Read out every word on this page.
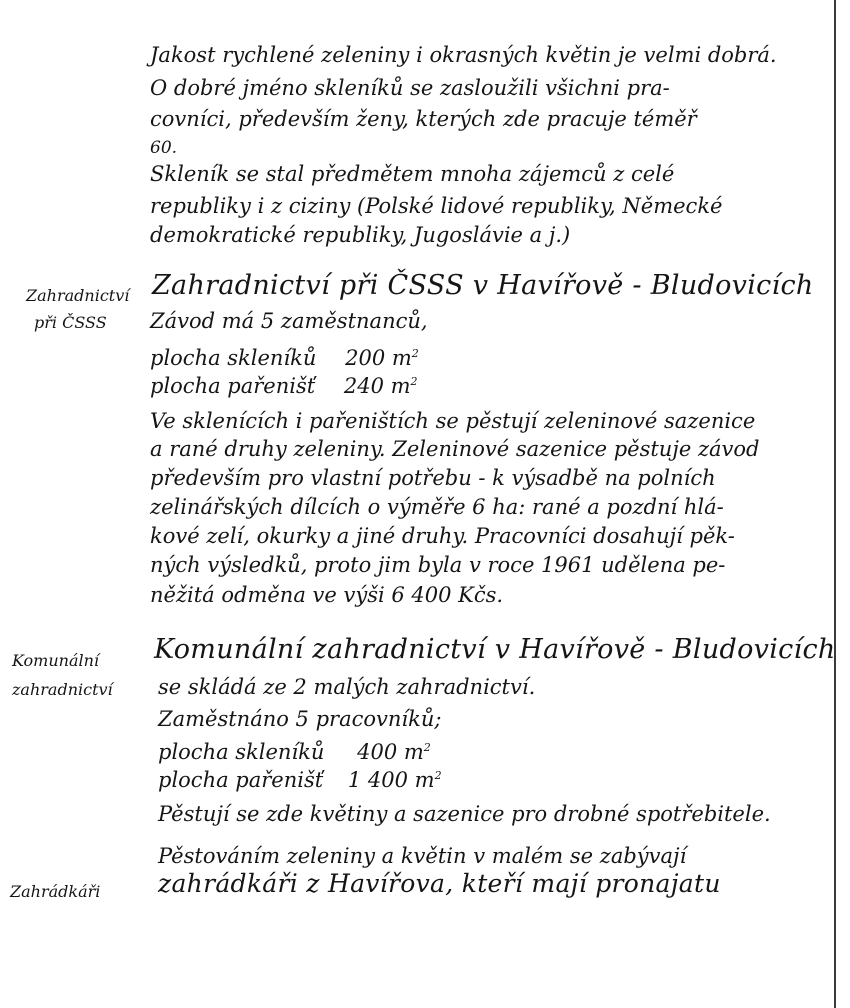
Jakost rychlené zeleniny i okrasných květin je velmi dobrá.
O dobré jméno skleníků se zasloužili všichni pra-
covníci, především ženy, kterých zde pracuje téměř
60.
Skleník se stal předmětem mnoha zájemců z celé
republiky i z ciziny (Polské lidové republiky, Německé
demokratické republiky, Jugoslávie a j.)
Zahradnictví
při ČSSS
Zahradnictví při ČSSS v Havířově - Bludovicích
Závod má 5 zaměstnanců,
plocha skleníků 200 $m^2$
plocha pařenišť 240 $m^2$
Ve sklenících i pařeništích se pěstují zeleninové sazenice
a rané druhy zeleniny. Zeleninové sazenice pěstuje závod
především pro vlastní potřebu - k výsadbě na polních
zelinářských dílcích o výměře 6 ha: rané a pozdní hlá-
kové zelí, okurky a jiné druhy. Pracovníci dosahují pěk-
ných výsledků, proto jim byla v roce 1961 udělena pe-
něžitá odměna ve výši 6 400 Kčs.
Komunální
zahradnictví
Komunální zahradnictví v Havířově - Bludovicích
se skládá ze 2 malých zahradnictví.
Zaměstnáno 5 pracovníků;
plocha skleníků 400 $m^2$
plocha pařenišť 1 400 $m^2$
Pěstují se zde květiny a sazenice pro drobné spotřebitele.
Zahrádkáři
Pěstováním zeleniny a květin v malém se zabývají
zahrádkáři z Havířova, kteří mají pronajatu
